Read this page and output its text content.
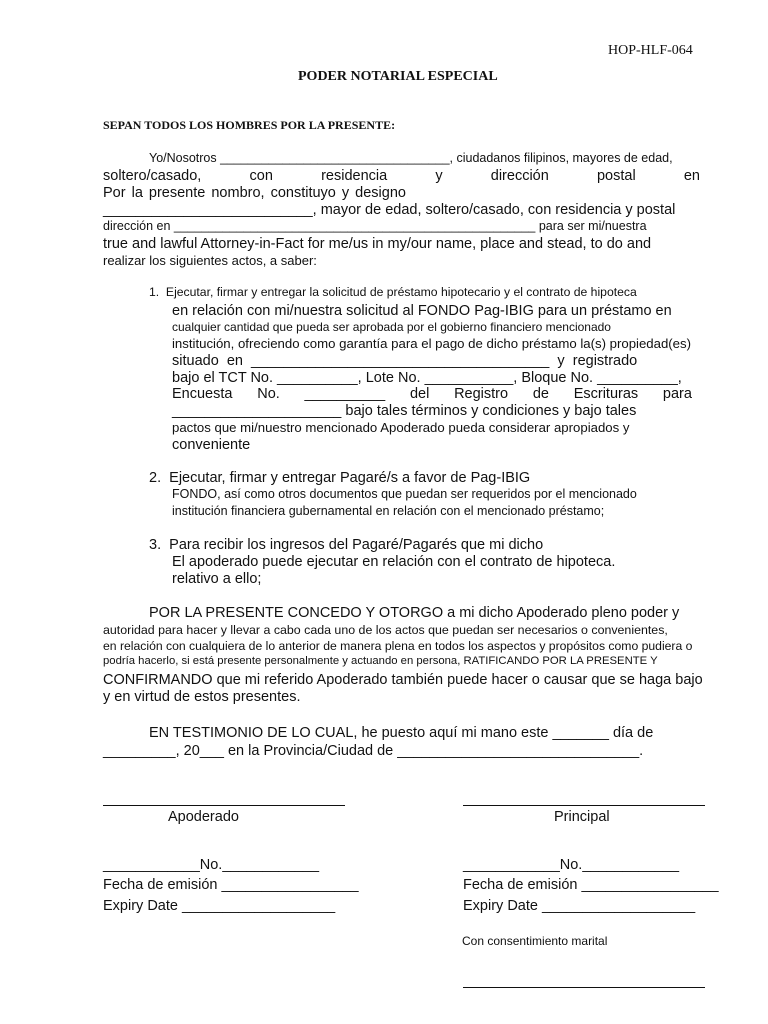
HOP-HLF-064
PODER NOTARIAL ESPECIAL
SEPAN TODOS LOS HOMBRES POR LA PRESENTE:
Yo/Nosotros _________________________________, ciudadanos filipinos, mayores de edad,
soltero/casado,	con	residencia	y	dirección	postal	en
Por la presente nombro, constituyo y designo
__________________________, mayor de edad, soltero/casado, con residencia y postal
dirección en ____________________________________________________ para ser mi/nuestra
true and lawful Attorney-in-Fact for me/us in my/our name, place and stead, to do and
realizar los siguientes actos, a saber:
1.  Ejecutar, firmar y entregar la solicitud de préstamo hipotecario y el contrato de hipoteca
en relación con mi/nuestra solicitud al FONDO Pag-IBIG para un préstamo en
cualquier cantidad que pueda ser aprobada por el gobierno financiero mencionado
institución, ofreciendo como garantía para el pago de dicho préstamo la(s) propiedad(es)
situado  en  _____________________________________  y  registrado
bajo el TCT No. __________, Lote No. ___________, Bloque No. __________,
Encuesta No. __________ del Registro de Escrituras para
_____________________ bajo tales términos y condiciones y bajo tales
pactos que mi/nuestro mencionado Apoderado pueda considerar apropiados y
conveniente
2.  Ejecutar, firmar y entregar Pagaré/s a favor de Pag-IBIG
FONDO, así como otros documentos que puedan ser requeridos por el mencionado
institución financiera gubernamental en relación con el mencionado préstamo;
3.  Para recibir los ingresos del Pagaré/Pagarés que mi dicho
El apoderado puede ejecutar en relación con el contrato de hipoteca.
relativo a ello;
POR LA PRESENTE CONCEDO Y OTORGO a mi dicho Apoderado pleno poder y
autoridad para hacer y llevar a cabo cada uno de los actos que puedan ser necesarios o convenientes,
en relación con cualquiera de lo anterior de manera plena en todos los aspectos y propósitos como pudiera o
podría hacerlo, si está presente personalmente y actuando en persona, RATIFICANDO POR LA PRESENTE Y
CONFIRMANDO que mi referido Apoderado también puede hacer o causar que se haga bajo
y en virtud de estos presentes.
EN TESTIMONIO DE LO CUAL, he puesto aquí mi mano este _______ día de
_________, 20___ en la Provincia/Ciudad de ______________________________.
Apoderado	Principal
____________No.____________	____________No.____________
Fecha de emisión _________________	Fecha de emisión _________________
Expiry Date ___________________	Expiry Date ___________________
Con consentimiento marital
